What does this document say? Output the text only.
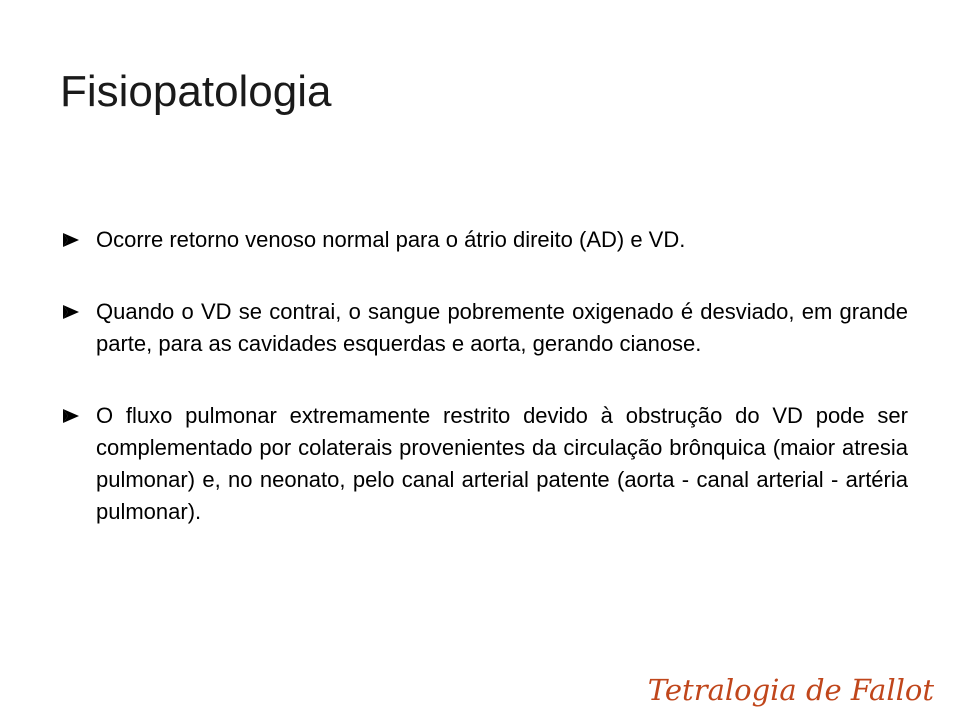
Fisiopatologia
Ocorre retorno venoso normal para o átrio direito (AD) e VD.
Quando o VD se contrai, o sangue pobremente oxigenado é desviado, em grande parte, para as cavidades esquerdas e aorta, gerando cianose.
O fluxo pulmonar extremamente restrito devido à obstrução do VD pode ser complementado por colaterais provenientes da circulação brônquica (maior atresia pulmonar) e, no neonato, pelo canal arterial patente (aorta - canal arterial - artéria pulmonar).
Tetralogia de Fallot
